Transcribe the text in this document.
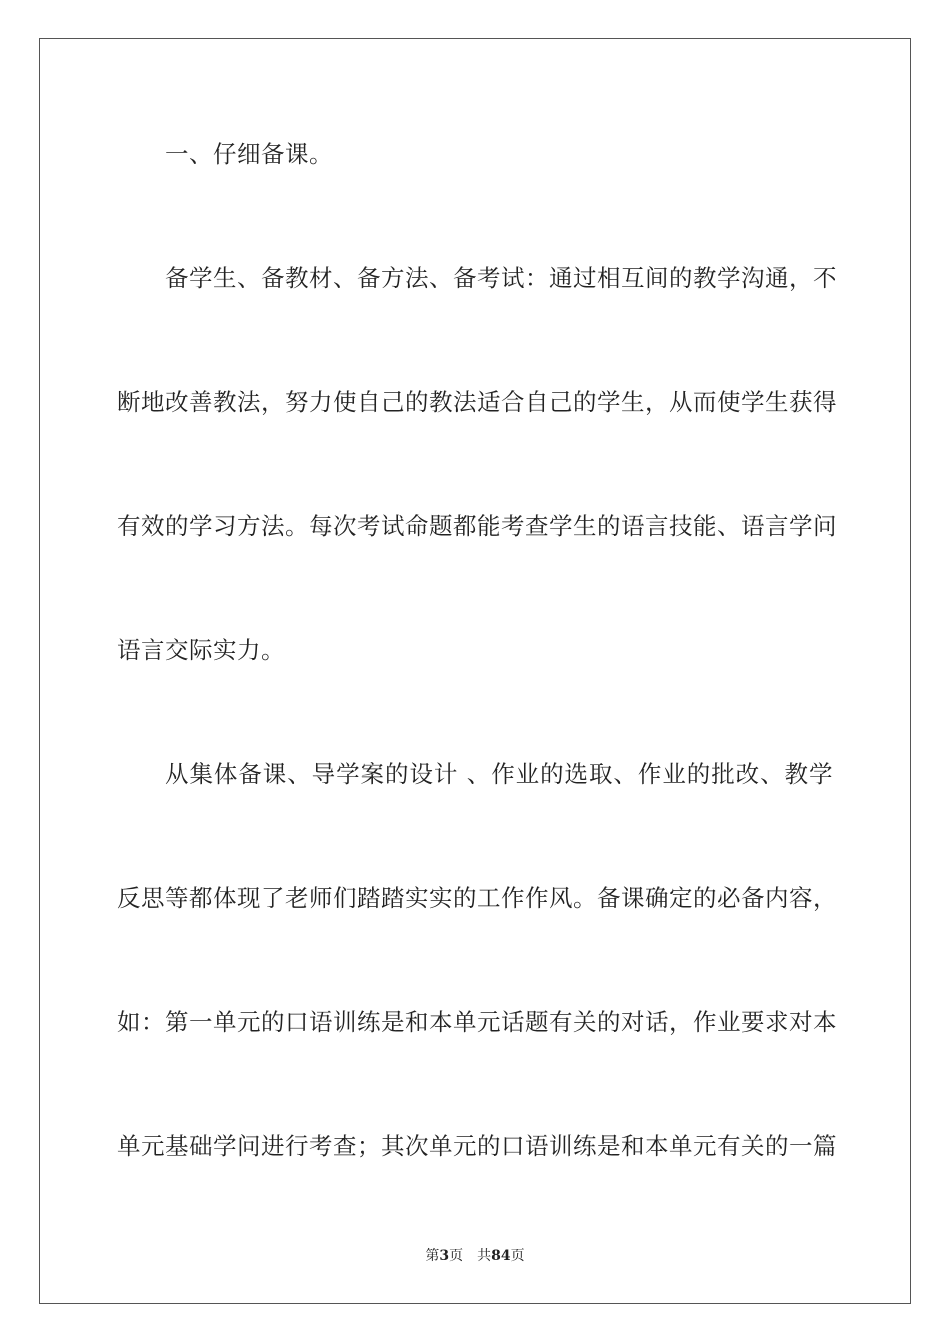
一、仔细备课。
备学生、备教材、备方法、备考试：通过相互间的教学沟通，不
断地改善教法，努力使自己的教法适合自己的学生，从而使学生获得
有效的学习方法。每次考试命题都能考查学生的语言技能、语言学问
语言交际实力。
从集体备课、导学案的设计 、作业的选取、作业的批改、教学
反思等都体现了老师们踏踏实实的工作作风。备课确定的必备内容，
如：第一单元的口语训练是和本单元话题有关的对话，作业要求对本
单元基础学问进行考查；其次单元的口语训练是和本单元有关的一篇
第3页　共84页
